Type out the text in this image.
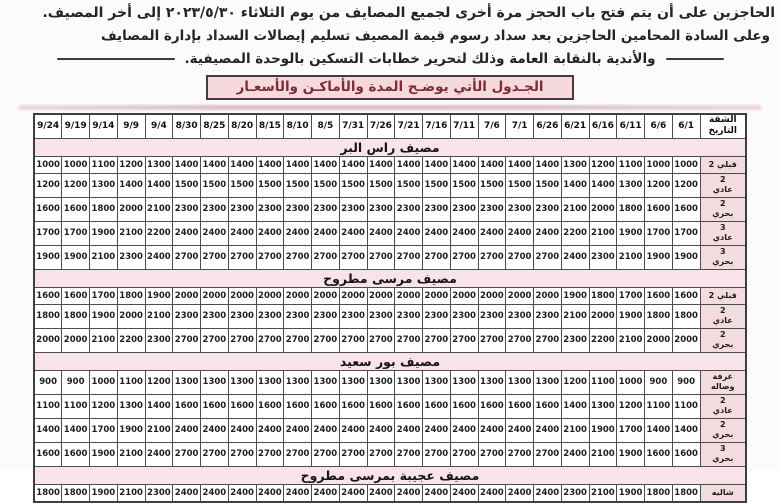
الحاجزين على أن يتم فتح باب الحجز مرة أخرى لجميع المصايف من يوم الثلاثاء ٢٠٢٣/٥/٣٠ إلى أخر المصيف.
وعلى السادة المحامين الحاجزين بعد سداد رسوم قيمة المصيف تسليم إيصالات السداد بإدارة المصايف
والأندية بالنقابة العامة وذلك لتحرير خطابات التسكين بالوحدة المصيفية.
الجـدول الأتي يوضـح المدة والأماكـن والأسعـار
الشقة
التاريخ	6/1	6/6	6/11	6/16	6/21	6/26	7/1	7/6	7/11	7/16	7/21	7/26	7/31	8/5	8/10	8/15	8/20	8/25	8/30	9/4	9/9	9/14	9/19	9/24
مصيف راس البر																								

2 قبلي	1000	1000	1100	1200	1300	1400	1400	1400	1400	1400	1400	1400	1400	1400	1400	1400	1400	1400	1400	1300	1200	1100	1000	1000

2
عادي	1200	1200	1300	1400	1400	1500	1500	1500	1500	1500	1500	1500	1500	1500	1500	1500	1500	1500	1500	1400	1400	1300	1200	1200

2
بحري	1600	1600	1800	2000	2100	2300	2300	2300	2300	2300	2300	2300	2300	2300	2300	2300	2300	2300	2300	2100	2000	1800	1600	1600

3
عادي	1700	1700	1900	2100	2200	2400	2400	2400	2400	2400	2400	2400	2400	2400	2400	2400	2400	2400	2400	2200	2100	1900	1700	1700

3
بحري	1900	1900	2100	2300	2400	2700	2700	2700	2700	2700	2700	2700	2700	2700	2700	2700	2700	2700	2700	2400	2300	2100	1900	1900
مصيف مرسى مطروح																								

2 قبلي	1600	1600	1700	1800	1900	2000	2000	2000	2000	2000	2000	2000	2000	2000	2000	2000	2000	2000	2000	1900	1800	1700	1600	1600

2
عادي	1800	1800	1900	2000	2100	2300	2300	2300	2300	2300	2300	2300	2300	2300	2300	2300	2300	2300	2300	2100	2000	1900	1800	1800

2
بحري	2000	2000	2100	2200	2300	2700	2700	2700	2700	2700	2700	2700	2700	2700	2700	2700	2700	2700	2700	2300	2200	2100	2000	2000
مصيف بور سعيد																								

غرفة
وصاله	900	900	1000	1100	1200	1300	1300	1300	1300	1300	1300	1300	1300	1300	1300	1300	1300	1300	1300	1200	1100	1000	900	900

2
عادي	1100	1100	1200	1300	1400	1600	1600	1600	1600	1600	1600	1600	1600	1600	1600	1600	1600	1600	1600	1400	1300	1200	1100	1100

2
بحري	1400	1400	1700	1900	2100	2400	2400	2400	2400	2400	2400	2400	2400	2400	2400	2400	2400	2400	2400	2100	1900	1700	1400	1400

3
بحري	1600	1600	1900	2100	2400	2700	2700	2700	2700	2700	2700	2700	2700	2700	2700	2700	2700	2700	2700	2400	2100	1900	1600	1600
مصيف عجيبة بمرسى مطروح																								

شاليه	1800	1800	1900	2100	2300	2400	2400	2400	2400	2400	2400	2400	2400	2400	2400	2400	2400	2400	2400	2300	2100	1900	1800	1800
